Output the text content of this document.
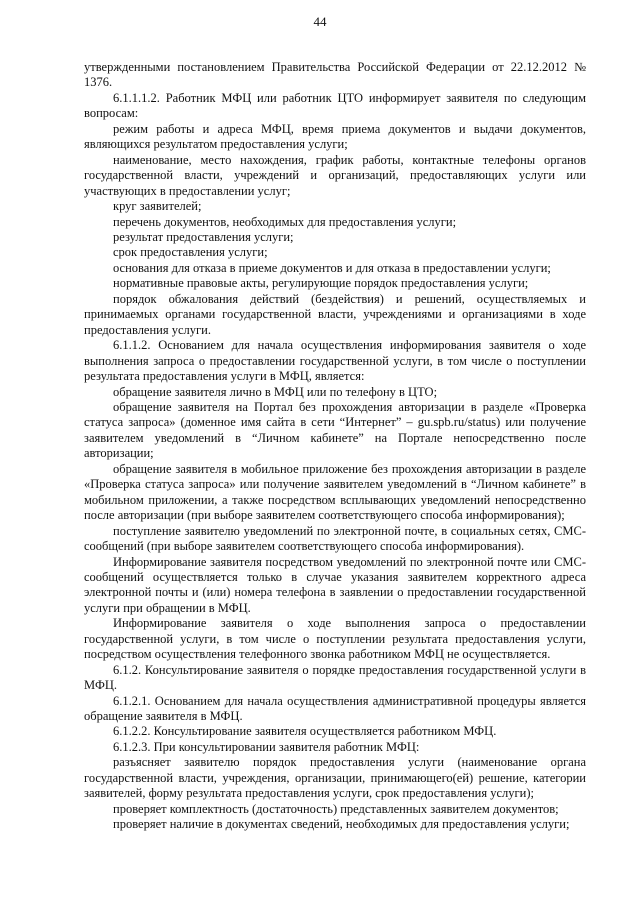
44

утвержденными постановлением Правительства Российской Федерации от 22.12.2012 № 1376.

6.1.1.1.2. Работник МФЦ или работник ЦТО информирует заявителя по следующим вопросам:

режим работы и адреса МФЦ, время приема документов и выдачи документов, являющихся результатом предоставления услуги;

наименование, место нахождения, график работы, контактные телефоны органов государственной власти, учреждений и организаций, предоставляющих услуги или участвующих в предоставлении услуг;

круг заявителей;

перечень документов, необходимых для предоставления услуги;

результат предоставления услуги;

срок предоставления услуги;

основания для отказа в приеме документов и для отказа в предоставлении услуги;

нормативные правовые акты, регулирующие порядок предоставления услуги;

порядок обжалования действий (бездействия) и решений, осуществляемых и принимаемых органами государственной власти, учреждениями и организациями в ходе предоставления услуги.

6.1.1.2. Основанием для начала осуществления информирования заявителя о ходе выполнения запроса о предоставлении государственной услуги, в том числе о поступлении результата предоставления услуги в МФЦ, является:

обращение заявителя лично в МФЦ или по телефону в ЦТО;

обращение заявителя на Портал без прохождения авторизации в разделе «Проверка статуса запроса» (доменное имя сайта в сети “Интернет” – gu.spb.ru/status) или получение заявителем уведомлений в “Личном кабинете” на Портале непосредственно после авторизации;

обращение заявителя в мобильное приложение без прохождения авторизации в разделе «Проверка статуса запроса» или получение заявителем уведомлений в “Личном кабинете” в мобильном приложении, а также посредством всплывающих уведомлений непосредственно после авторизации (при выборе заявителем соответствующего способа информирования);

поступление заявителю уведомлений по электронной почте, в социальных сетях, СМС-сообщений (при выборе заявителем соответствующего способа информирования).

Информирование заявителя посредством уведомлений по электронной почте или СМС-сообщений осуществляется только в случае указания заявителем корректного адреса электронной почты и (или) номера телефона в заявлении о предоставлении государственной услуги при обращении в МФЦ.

Информирование заявителя о ходе выполнения запроса о предоставлении государственной услуги, в том числе о поступлении результата предоставления услуги, посредством осуществления телефонного звонка работником МФЦ не осуществляется.

6.1.2. Консультирование заявителя о порядке предоставления государственной услуги в МФЦ.

6.1.2.1. Основанием для начала осуществления административной процедуры является обращение заявителя в МФЦ.

6.1.2.2. Консультирование заявителя осуществляется работником МФЦ.

6.1.2.3. При консультировании заявителя работник МФЦ:

разъясняет заявителю порядок предоставления услуги (наименование органа государственной власти, учреждения, организации, принимающего(ей) решение, категории заявителей, форму результата предоставления услуги, срок предоставления услуги);

проверяет комплектность (достаточность) представленных заявителем документов;

проверяет наличие в документах сведений, необходимых для предоставления услуги;
